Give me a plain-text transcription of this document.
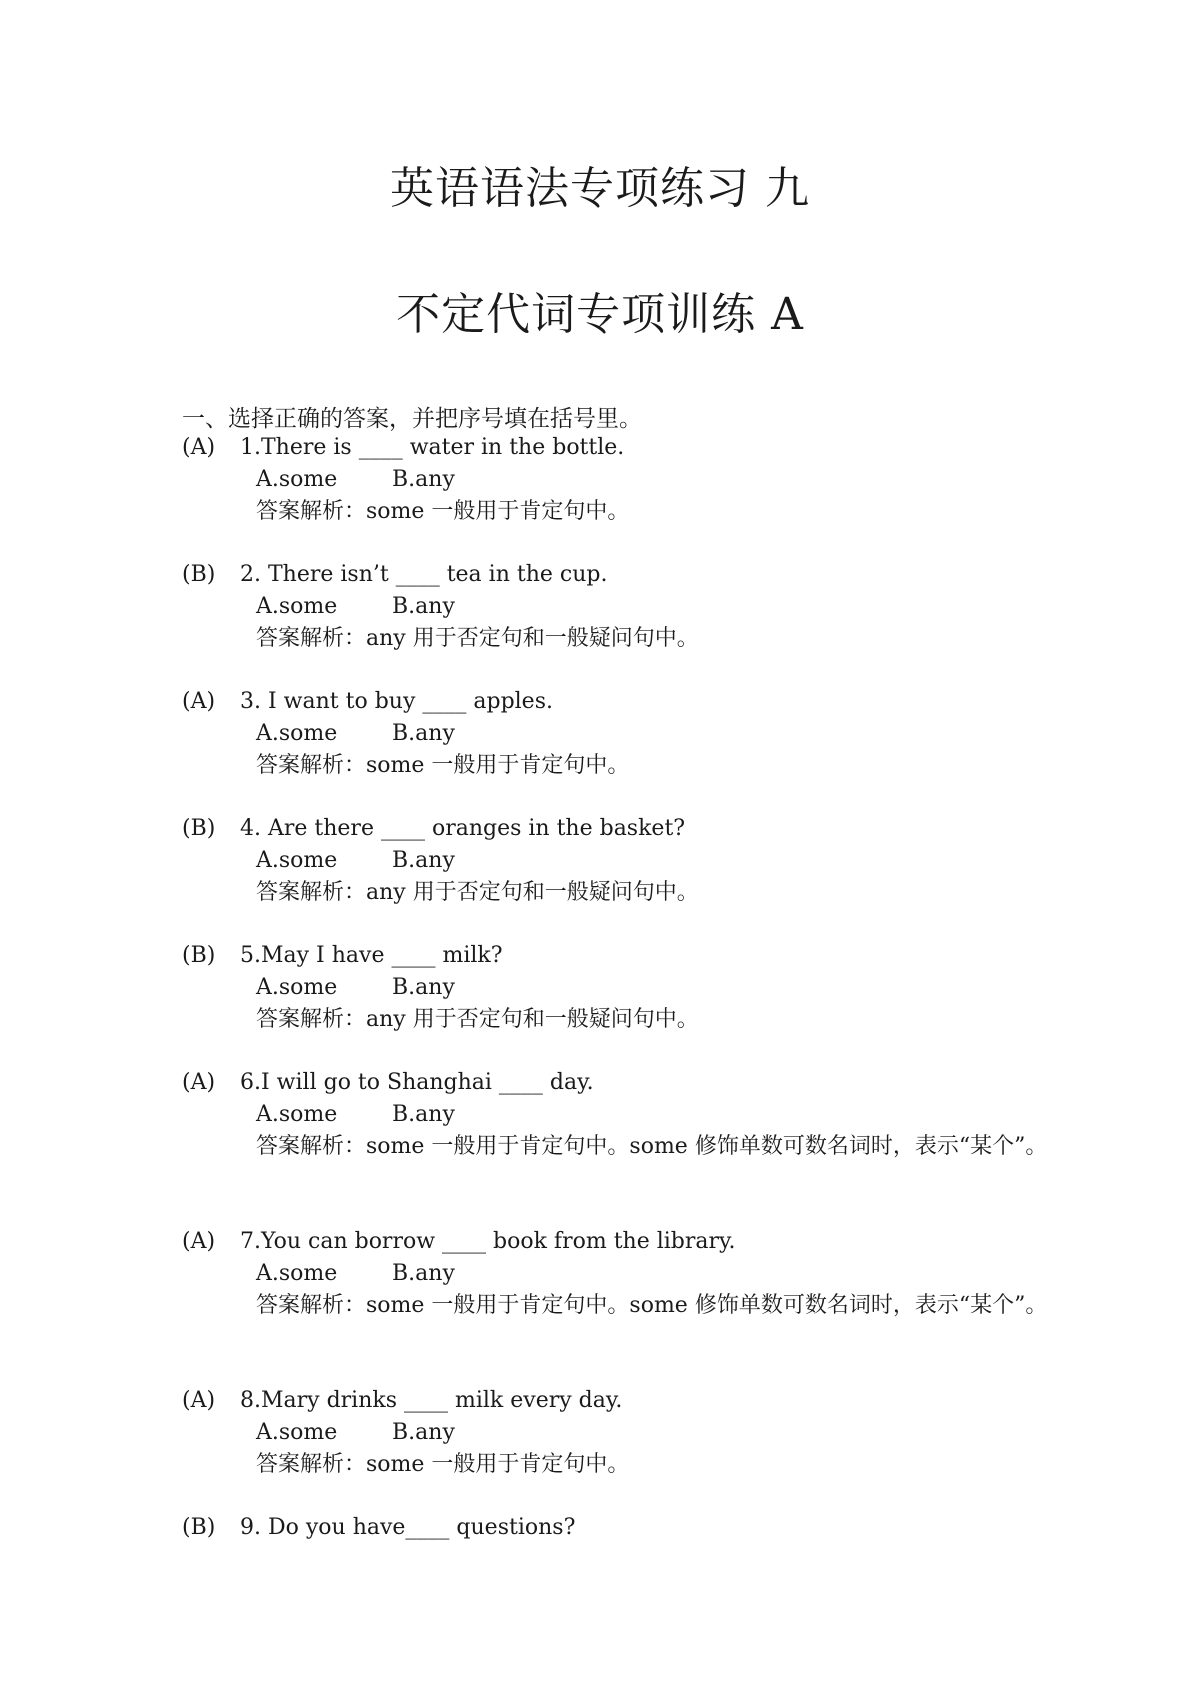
英语语法专项练习 九
不定代词专项训练 A
一、选择正确的答案，并把序号填在括号里。
(A) 1.There is ____ water in the bottle.
A.some B.any
答案解析：some 一般用于肯定句中。
(B) 2. There isn’t ____ tea in the cup.
A.some B.any
答案解析：any 用于否定句和一般疑问句中。
(A) 3. I want to buy ____ apples.
A.some B.any
答案解析：some 一般用于肯定句中。
(B) 4. Are there ____ oranges in the basket?
A.some B.any
答案解析：any 用于否定句和一般疑问句中。
(B) 5.May I have ____ milk?
A.some B.any
答案解析：any 用于否定句和一般疑问句中。
(A) 6.I will go to Shanghai ____ day.
A.some B.any
答案解析：some 一般用于肯定句中。some 修饰单数可数名词时，表示“某个”。
(A) 7.You can borrow ____ book from the library.
A.some B.any
答案解析：some 一般用于肯定句中。some 修饰单数可数名词时，表示“某个”。
(A) 8.Mary drinks ____ milk every day.
A.some B.any
答案解析：some 一般用于肯定句中。
(B) 9. Do you have____ questions?
